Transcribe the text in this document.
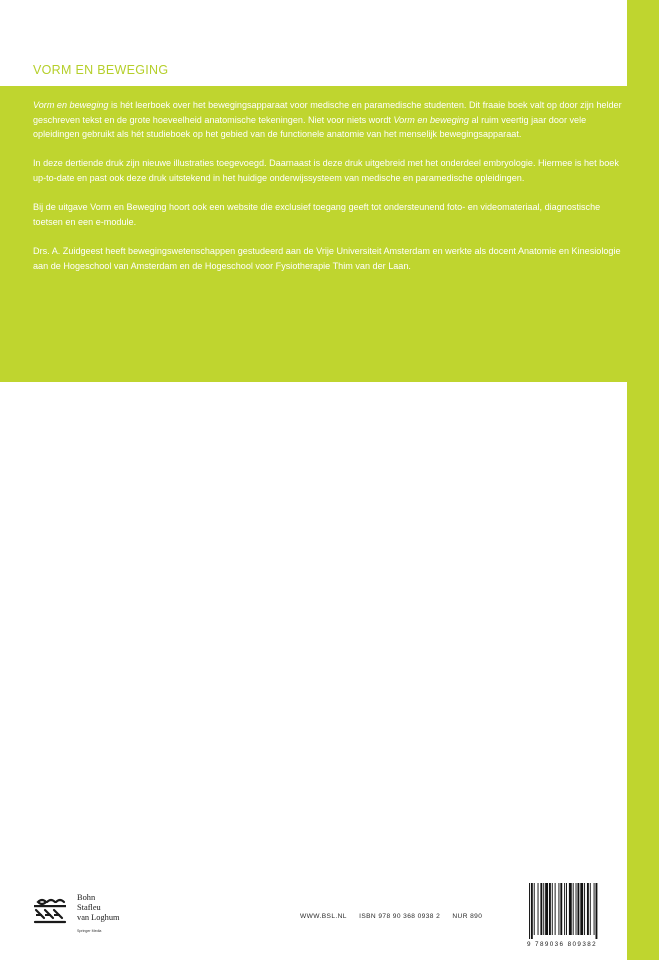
VORM EN BEWEGING

Vorm en beweging is hét leerboek over het bewegingsapparaat voor medische en paramedische studenten. Dit fraaie boek valt op door zijn helder geschreven tekst en de grote hoeveelheid anatomische tekeningen. Niet voor niets wordt Vorm en beweging al ruim veertig jaar door vele opleidingen gebruikt als hét studieboek op het gebied van de functionele anatomie van het menselijk bewegingsapparaat.

In deze dertiende druk zijn nieuwe illustraties toegevoegd. Daarnaast is deze druk uitgebreid met het onderdeel embryologie. Hiermee is het boek up-to-date en past ook deze druk uitstekend in het huidige onderwijssysteem van medische en paramedische opleidingen.

Bij de uitgave Vorm en Beweging hoort ook een website die exclusief toegang geeft tot ondersteunend foto- en videomateriaal, diagnostische toetsen en een e-module.

Drs. A. Zuidgeest heeft bewegingswetenschappen gestudeerd aan de Vrije Universiteit Amsterdam en werkte als docent Anatomie en Kinesiologie aan de Hogeschool van Amsterdam en de Hogeschool voor Fysiotherapie Thim van der Laan.

Bohn
Stafleu
van Loghum
Springer Media
WWW.BSL.NL ISBN 978 90 368 0938 2 NUR 890
9 789036 809382
